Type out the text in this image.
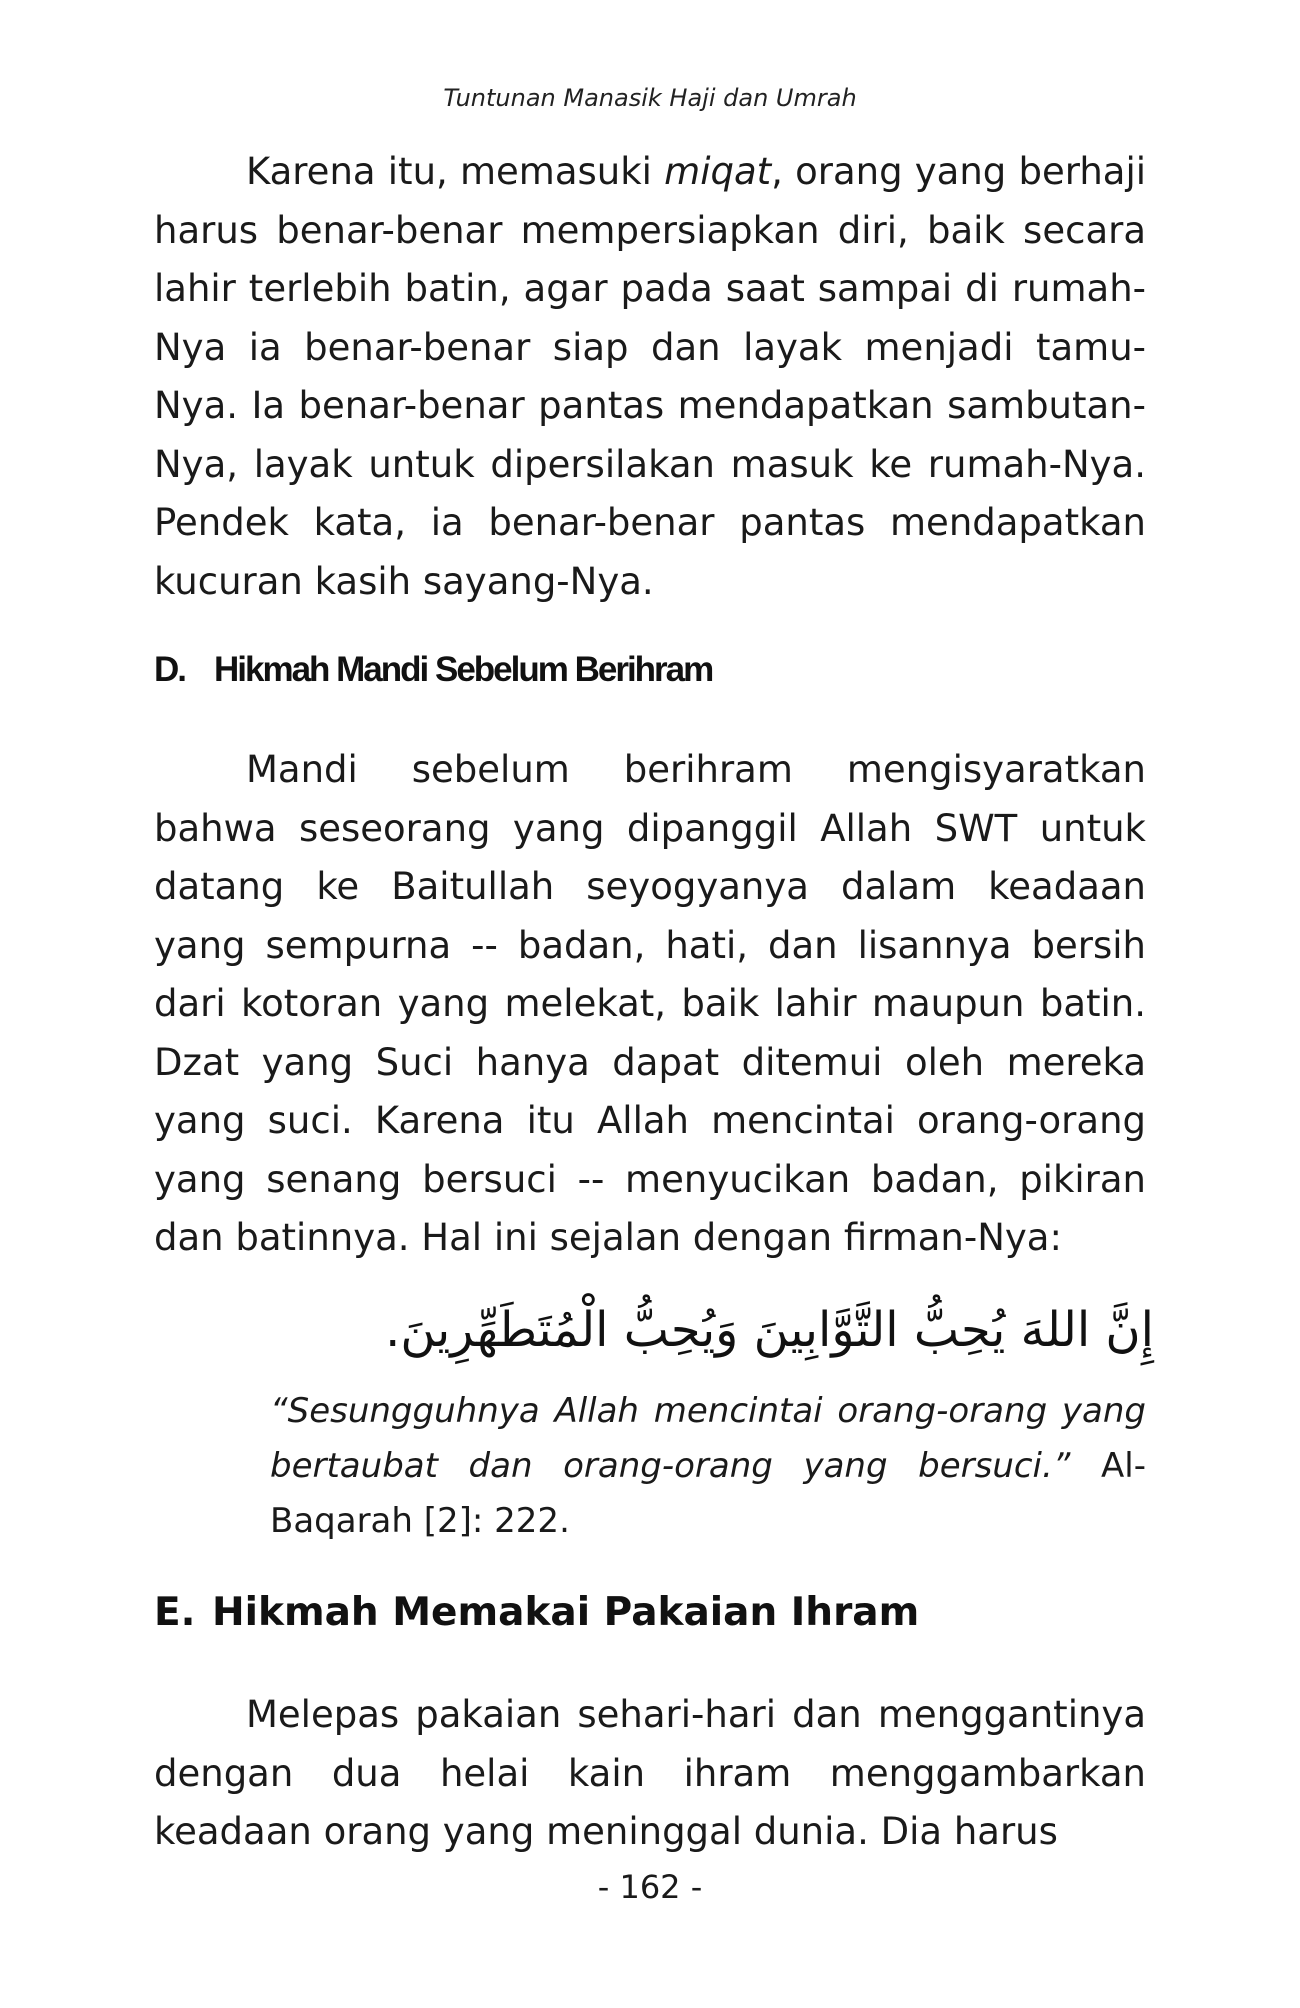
Tuntunan Manasik Haji dan Umrah

Karena itu, memasuki miqat, orang yang berhaji harus benar-benar mempersiapkan diri, baik secara lahir terlebih batin, agar pada saat sampai di rumah-Nya ia benar-benar siap dan layak menjadi tamu-Nya. Ia benar-benar pantas mendapatkan sambutan-Nya, layak untuk dipersilakan masuk ke rumah-Nya. Pendek kata, ia benar-benar pantas mendapatkan kucuran kasih sayang-Nya.

D. Hikmah Mandi Sebelum Berihram

Mandi sebelum berihram mengisyaratkan bahwa seseorang yang dipanggil Allah SWT untuk datang ke Baitullah seyogyanya dalam keadaan yang sempurna -- badan, hati, dan lisannya bersih dari kotoran yang melekat, baik lahir maupun batin. Dzat yang Suci hanya dapat ditemui oleh mereka yang suci. Karena itu Allah mencintai orang-orang yang senang bersuci -- menyucikan badan, pikiran dan batinnya. Hal ini sejalan dengan firman-Nya:

إِنَّ اللهَ يُحِبُّ التَّوَّابِينَ وَيُحِبُّ الْمُتَطَهِّرِينَ.

“Sesungguhnya Allah mencintai orang-orang yang bertaubat dan orang-orang yang bersuci.” Al-Baqarah [2]: 222.

E. Hikmah Memakai Pakaian Ihram

Melepas pakaian sehari-hari dan menggantinya dengan dua helai kain ihram menggambarkan keadaan orang yang meninggal dunia. Dia harus

- 162 -
